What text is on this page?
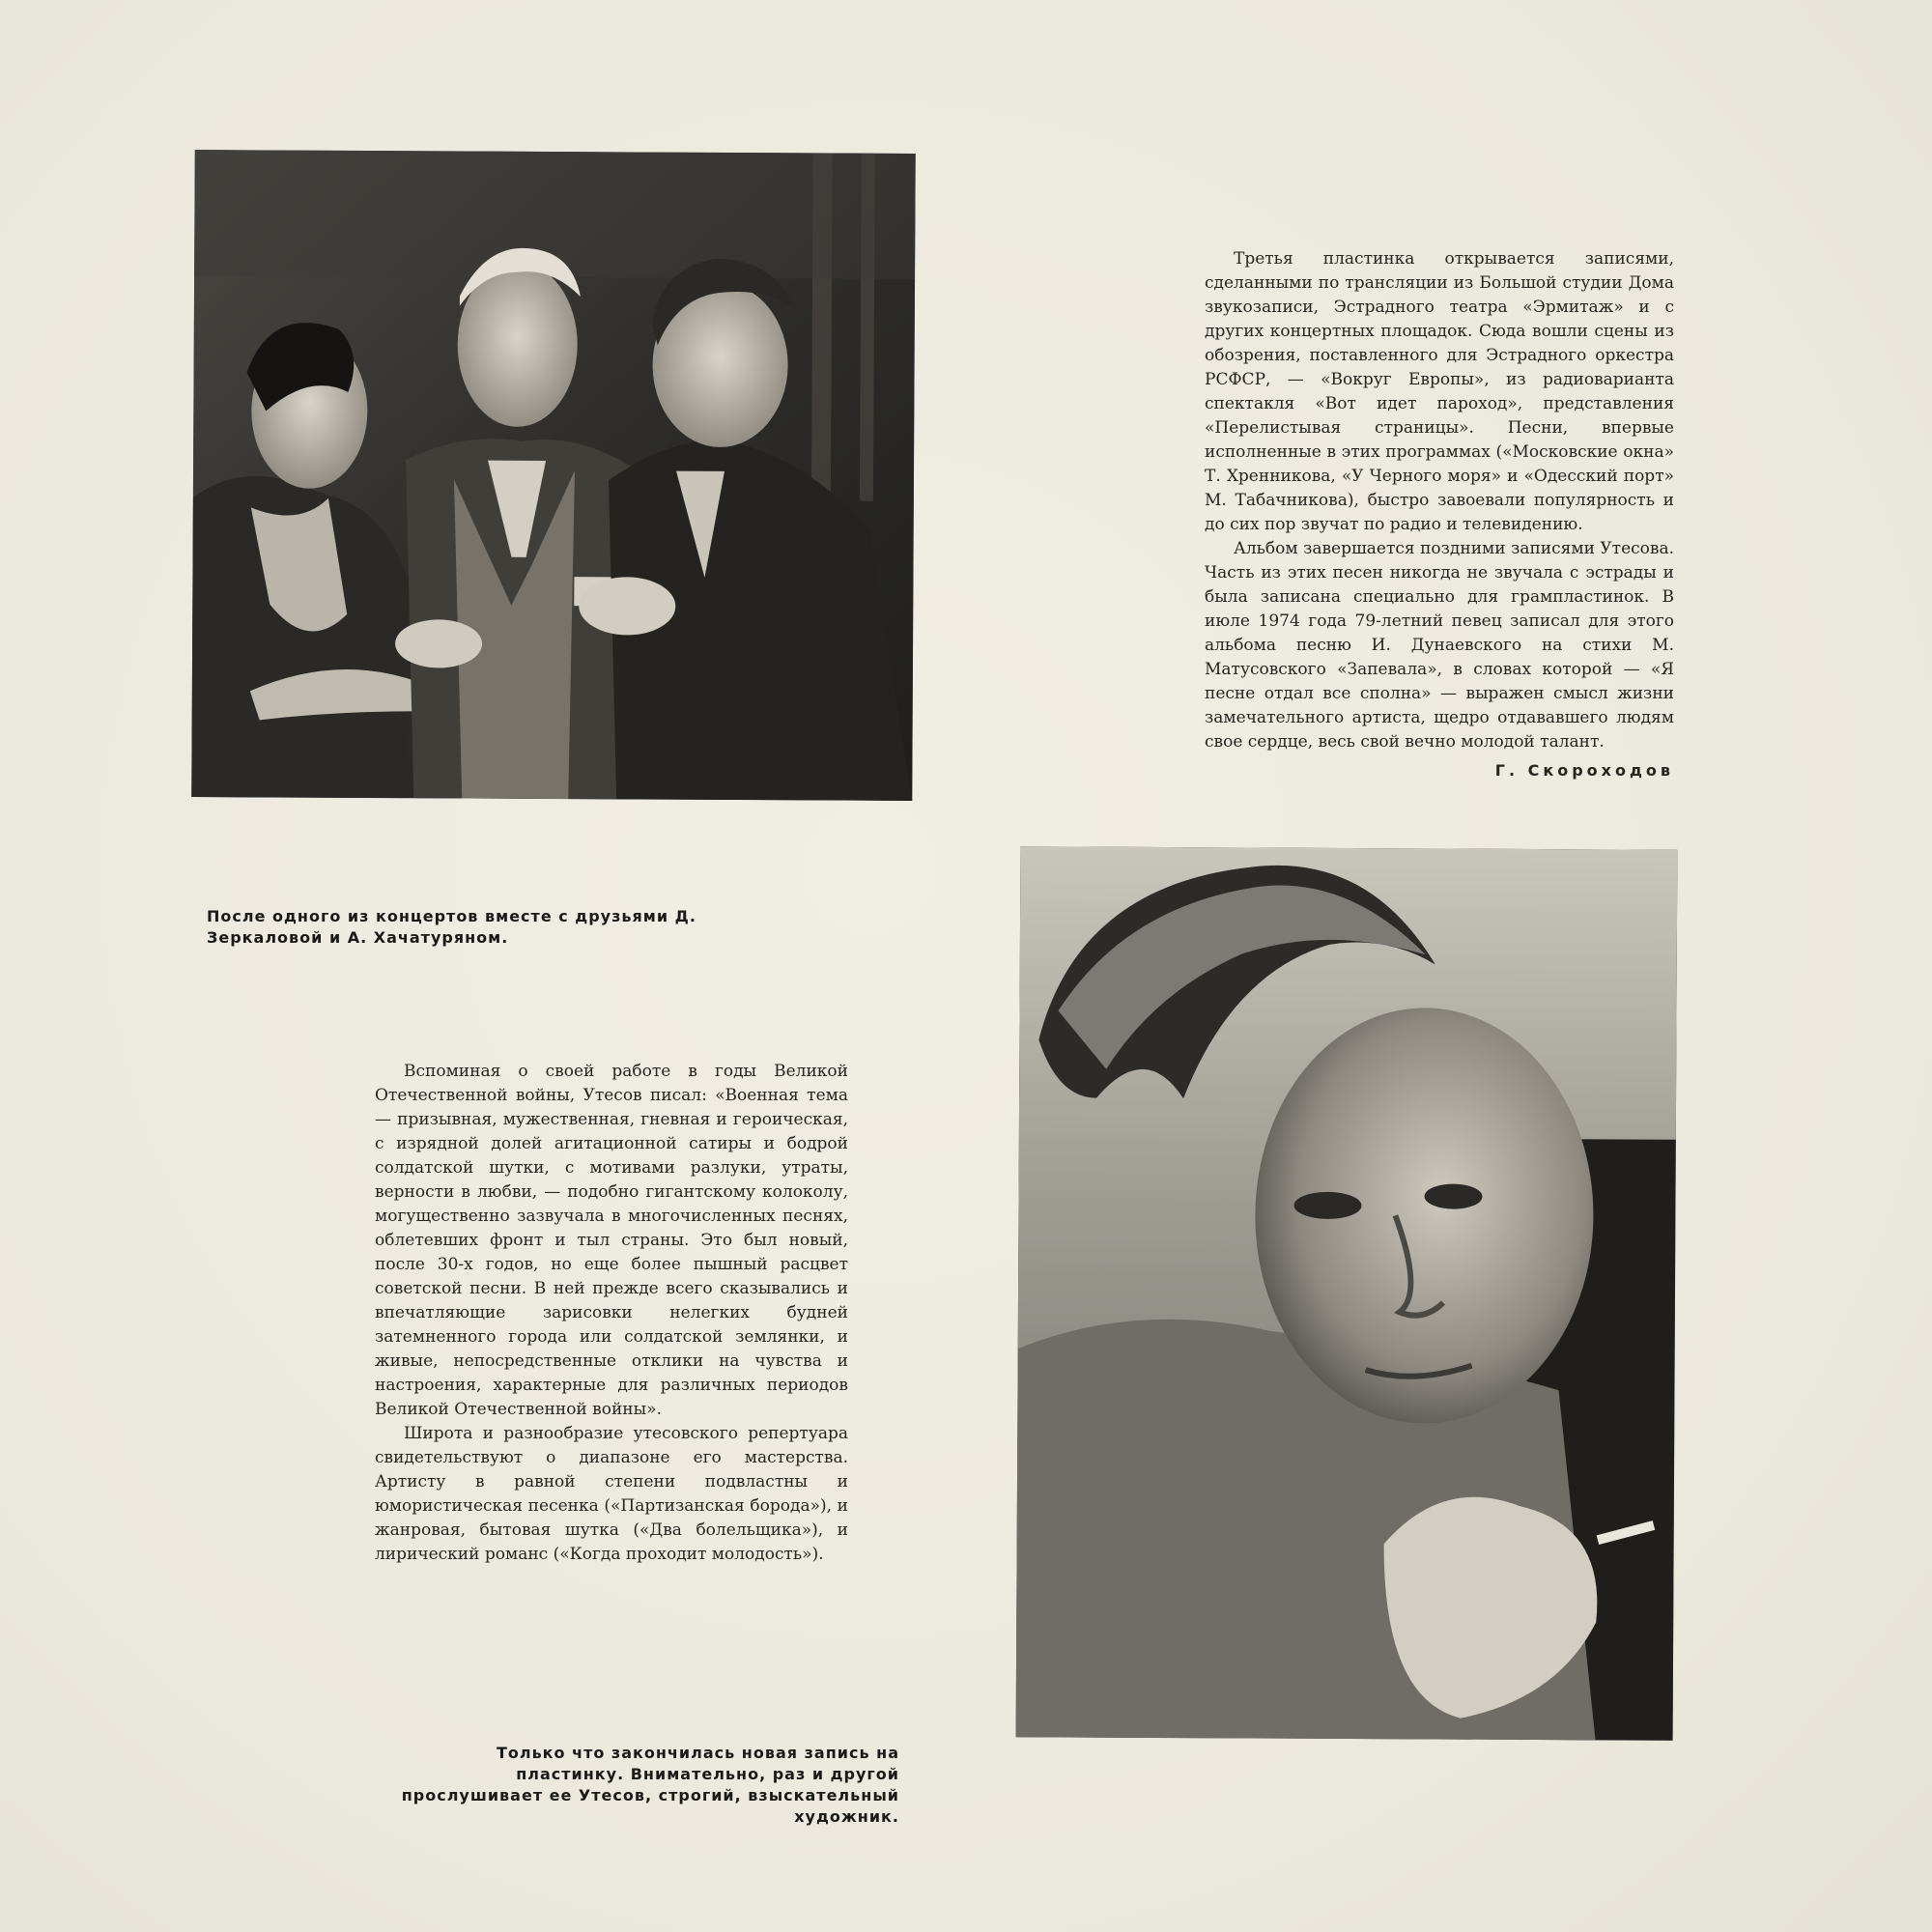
После одного из концертов вместе с друзьями Д. Зеркаловой и А. Хачатуряном.

Третья пластинка открывается записями, сделанными по трансляции из Большой студии Дома звукозаписи, Эстрадного театра «Эрмитаж» и с других концертных площадок. Сюда вошли сцены из обозрения, поставленного для Эстрадного оркестра РСФСР, — «Вокруг Европы», из радиоварианта спектакля «Вот идет пароход», представления «Перелистывая страницы». Песни, впервые исполненные в этих программах («Московские окна» Т. Хренникова, «У Черного моря» и «Одесский порт» М. Табачникова), быстро завоевали популярность и до сих пор звучат по радио и телевидению.

Альбом завершается поздними записями Утесова. Часть из этих песен никогда не звучала с эстрады и была записана специально для грампластинок. В июле 1974 года 79-летний певец записал для этого альбома песню И. Дунаевского на стихи М. Матусовского «Запевала», в словах которой — «Я песне отдал все сполна» — выражен смысл жизни замечательного артиста, щедро отдававшего людям свое сердце, весь свой вечно молодой талант.

Г. Скороходов

Вспоминая о своей работе в годы Великой Отечественной войны, Утесов писал: «Военная тема — призывная, мужественная, гневная и героическая, с изрядной долей агитационной сатиры и бодрой солдатской шутки, с мотивами разлуки, утраты, верности в любви, — подобно гигантскому колоколу, могущественно зазвучала в многочисленных песнях, облетевших фронт и тыл страны. Это был новый, после 30-х годов, но еще более пышный расцвет советской песни. В ней прежде всего сказывались и впечатляющие зарисовки нелегких будней затемненного города или солдатской землянки, и живые, непосредственные отклики на чувства и настроения, характерные для различных периодов Великой Отечественной войны».

Широта и разнообразие утесовского репертуара свидетельствуют о диапазоне его мастерства. Артисту в равной степени подвластны и юмористическая песенка («Партизанская борода»), и жанровая, бытовая шутка («Два болельщика»), и лирический романс («Когда проходит молодость»).

Только что закончилась новая запись на пластинку. Внимательно, раз и другой прослушивает ее Утесов, строгий, взыскательный художник.
